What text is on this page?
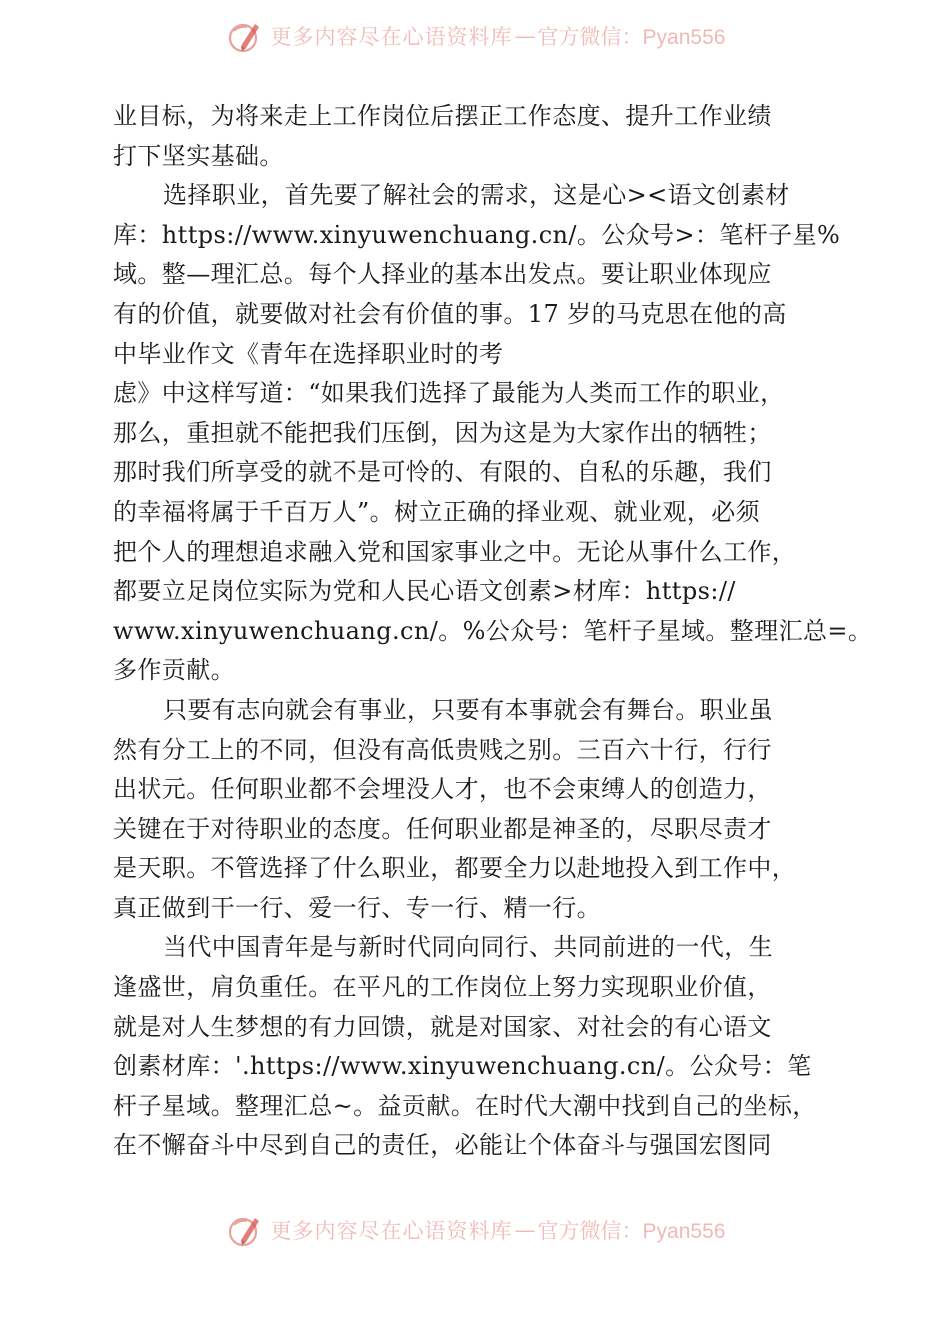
更多内容尽在心语资料库 — 官方微信：Pyan556
业目标，为将来走上工作岗位后摆正工作态度、提升工作业绩
打下坚实基础。
选择职业，首先要了解社会的需求，这是心><语文创素材
库：https://www.xinyuwenchuang.cn/。公众号>：笔杆子星%
域。整—理汇总。每个人择业的基本出发点。要让职业体现应
有的价值，就要做对社会有价值的事。17 岁的马克思在他的高
中毕业作文《青年在选择职业时的考
虑》中这样写道：“如果我们选择了最能为人类而工作的职业，
那么，重担就不能把我们压倒，因为这是为大家作出的牺牲；
那时我们所享受的就不是可怜的、有限的、自私的乐趣，我们
的幸福将属于千百万人”。树立正确的择业观、就业观，必须
把个人的理想追求融入党和国家事业之中。无论从事什么工作，
都要立足岗位实际为党和人民心语文创素>材库：https://
www.xinyuwenchuang.cn/。%公众号：笔杆子星域。整理汇总=。
多作贡献。
只要有志向就会有事业，只要有本事就会有舞台。职业虽
然有分工上的不同，但没有高低贵贱之别。三百六十行，行行
出状元。任何职业都不会埋没人才，也不会束缚人的创造力，
关键在于对待职业的态度。任何职业都是神圣的，尽职尽责才
是天职。不管选择了什么职业，都要全力以赴地投入到工作中，
真正做到干一行、爱一行、专一行、精一行。
当代中国青年是与新时代同向同行、共同前进的一代，生
逢盛世，肩负重任。在平凡的工作岗位上努力实现职业价值，
就是对人生梦想的有力回馈，就是对国家、对社会的有心语文
创素材库：'.https://www.xinyuwenchuang.cn/。公众号：笔
杆子星域。整理汇总~。益贡献。在时代大潮中找到自己的坐标，
在不懈奋斗中尽到自己的责任，必能让个体奋斗与强国宏图同
更多内容尽在心语资料库 — 官方微信：Pyan556
